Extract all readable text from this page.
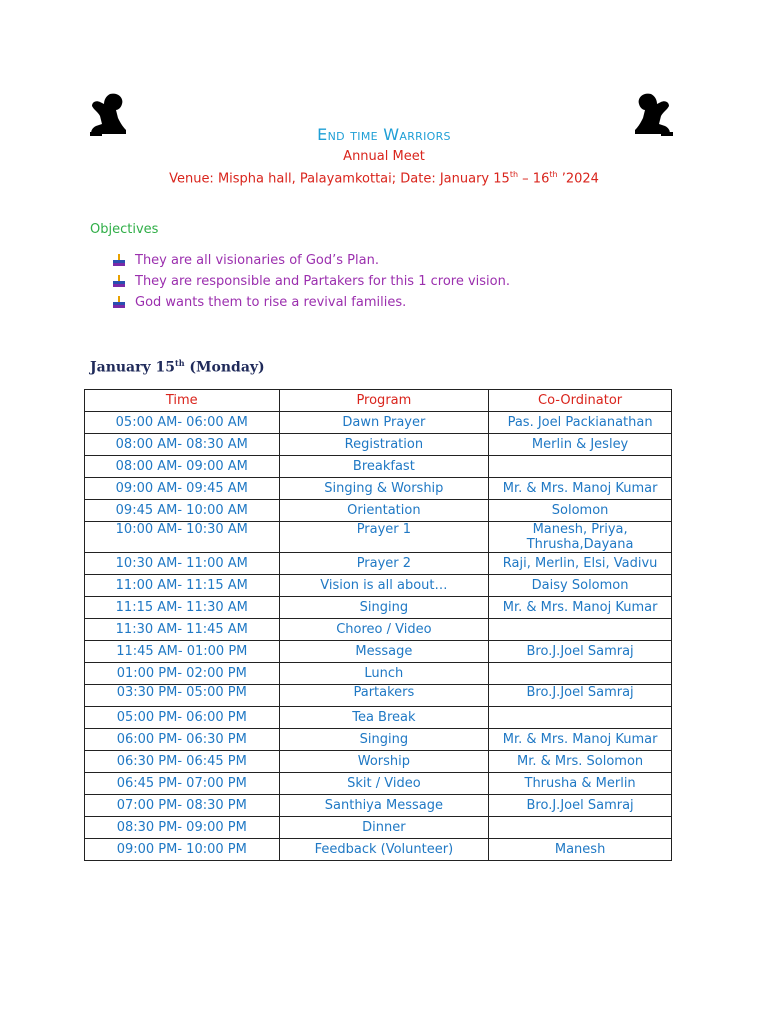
End time Warriors
Annual Meet
Venue: Mispha hall, Palayamkottai; Date: January 15th – 16th ’2024
Objectives
They are all visionaries of God’s Plan.
They are responsible and Partakers for this 1 crore vision.
God wants them to rise a revival families.
January 15th (Monday)
Time	Program	Co-Ordinator
05:00 AM- 06:00 AM	Dawn Prayer	Pas. Joel Packianathan
08:00 AM- 08:30 AM	Registration	Merlin & Jesley
08:00 AM- 09:00 AM	Breakfast	
09:00 AM- 09:45 AM	Singing & Worship	Mr. & Mrs. Manoj Kumar
09:45 AM- 10:00 AM	Orientation	Solomon
10:00 AM- 10:30 AM	Prayer 1	Manesh, Priya, Thrusha,Dayana
10:30 AM- 11:00 AM	Prayer 2	Raji, Merlin, Elsi, Vadivu
11:00 AM- 11:15 AM	Vision is all about…	Daisy Solomon
11:15 AM- 11:30 AM	Singing	Mr. & Mrs. Manoj Kumar
11:30 AM- 11:45 AM	Choreo / Video	
11:45 AM- 01:00 PM	Message	Bro.J.Joel Samraj
01:00 PM- 02:00 PM	Lunch	
03:30 PM- 05:00 PM	Partakers	Bro.J.Joel Samraj
05:00 PM- 06:00 PM	Tea Break	
06:00 PM- 06:30 PM	Singing	Mr. & Mrs. Manoj Kumar
06:30 PM- 06:45 PM	Worship	Mr. & Mrs. Solomon
06:45 PM- 07:00 PM	Skit / Video	Thrusha & Merlin
07:00 PM- 08:30 PM	Santhiya Message	Bro.J.Joel Samraj
08:30 PM- 09:00 PM	Dinner	
09:00 PM- 10:00 PM	Feedback (Volunteer)	Manesh
